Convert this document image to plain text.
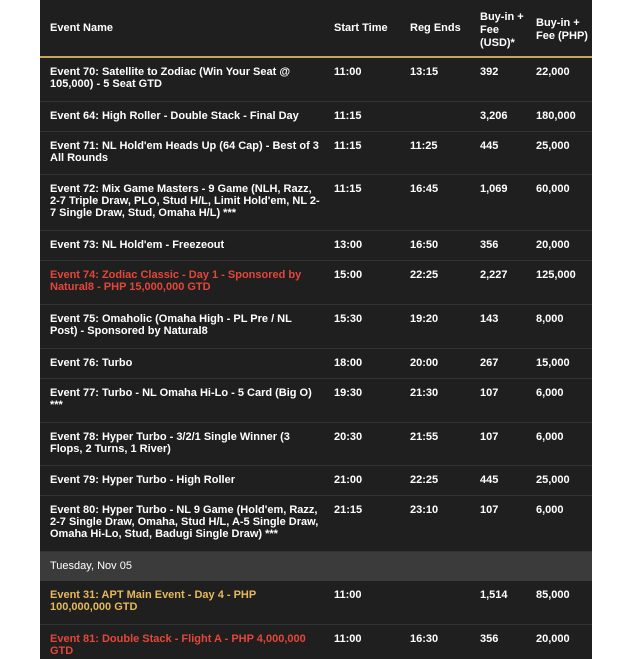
Event Name	Start Time	Reg Ends	Buy-in + Fee (USD)*	Buy-in + Fee (PHP)
Event 70: Satellite to Zodiac (Win Your Seat @ 105,000) - 5 Seat GTD	11:00	13:15	392	22,000
Event 64: High Roller - Double Stack - Final Day	11:15		3,206	180,000
Event 71: NL Hold'em Heads Up (64 Cap) - Best of 3 All Rounds	11:15	11:25	445	25,000
Event 72: Mix Game Masters - 9 Game (NLH, Razz, 2-7 Triple Draw, PLO, Stud H/L, Limit Hold'em, NL 2-7 Single Draw, Stud, Omaha H/L) ***	11:15	16:45	1,069	60,000
Event 73: NL Hold'em - Freezeout	13:00	16:50	356	20,000
Event 74: Zodiac Classic - Day 1 - Sponsored by Natural8 - PHP 15,000,000 GTD	15:00	22:25	2,227	125,000
Event 75: Omaholic (Omaha High - PL Pre / NL Post) - Sponsored by Natural8	15:30	19:20	143	8,000
Event 76: Turbo	18:00	20:00	267	15,000
Event 77: Turbo - NL Omaha Hi-Lo - 5 Card (Big O) ***	19:30	21:30	107	6,000
Event 78: Hyper Turbo - 3/2/1 Single Winner (3 Flops, 2 Turns, 1 River)	20:30	21:55	107	6,000
Event 79: Hyper Turbo - High Roller	21:00	22:25	445	25,000
Event 80: Hyper Turbo - NL 9 Game (Hold'em, Razz, 2-7 Single Draw, Omaha, Stud H/L, A-5 Single Draw, Omaha Hi-Lo, Stud, Badugi Single Draw) ***	21:15	23:10	107	6,000
Tuesday, Nov 05				
Event 31: APT Main Event - Day 4 - PHP 100,000,000 GTD	11:00		1,514	85,000
Event 81: Double Stack - Flight A - PHP 4,000,000 GTD	11:00	16:30	356	20,000
